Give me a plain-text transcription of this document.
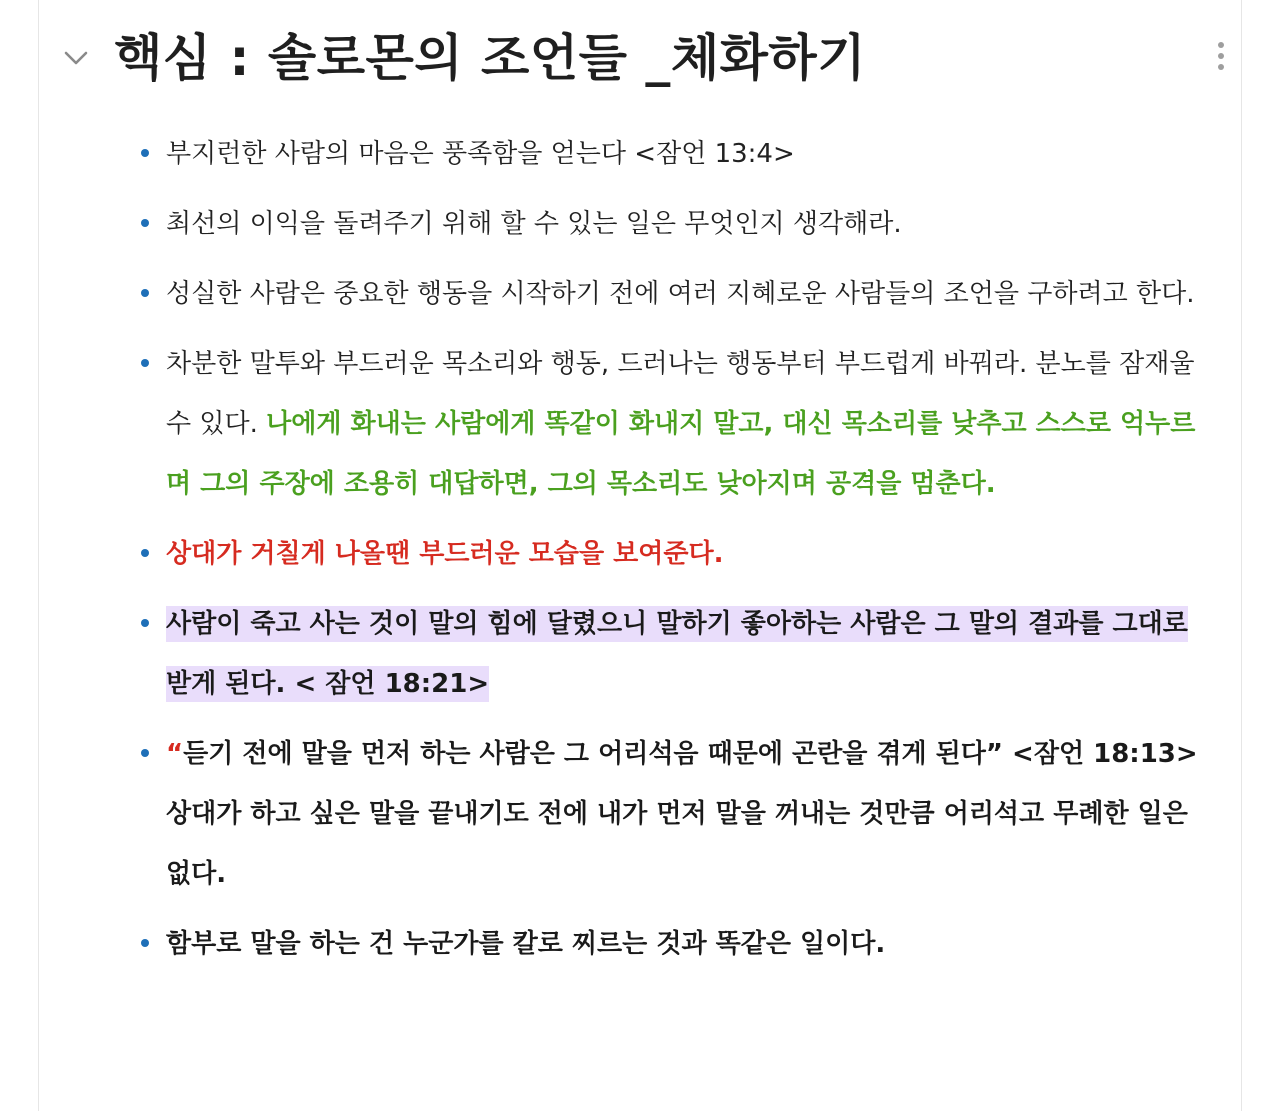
핵심 : 솔로몬의 조언들 _체화하기
부지런한 사람의 마음은 풍족함을 얻는다 <잠언 13:4>
최선의 이익을 돌려주기 위해 할 수 있는 일은 무엇인지 생각해라.
성실한 사람은 중요한 행동을 시작하기 전에 여러 지혜로운 사람들의 조언을 구하려고 한다.
차분한 말투와 부드러운 목소리와 행동, 드러나는 행동부터 부드럽게 바꿔라. 분노를 잠재울수 있다. 나에게 화내는 사람에게 똑같이 화내지 말고, 대신 목소리를 낮추고 스스로 억누르며 그의 주장에 조용히 대답하면, 그의 목소리도 낮아지며 공격을 멈춘다.
상대가 거칠게 나올땐 부드러운 모습을 보여준다.
사람이 죽고 사는 것이 말의 힘에 달렸으니 말하기 좋아하는 사람은 그 말의 결과를 그대로 받게 된다. < 잠언 18:21>
“듣기 전에 말을 먼저 하는 사람은 그 어리석음 때문에 곤란을 겪게 된다” <잠언 18:13>
상대가 하고 싶은 말을 끝내기도 전에 내가 먼저 말을 꺼내는 것만큼 어리석고 무례한 일은 없다.
함부로 말을 하는 건 누군가를 칼로 찌르는 것과 똑같은 일이다.
